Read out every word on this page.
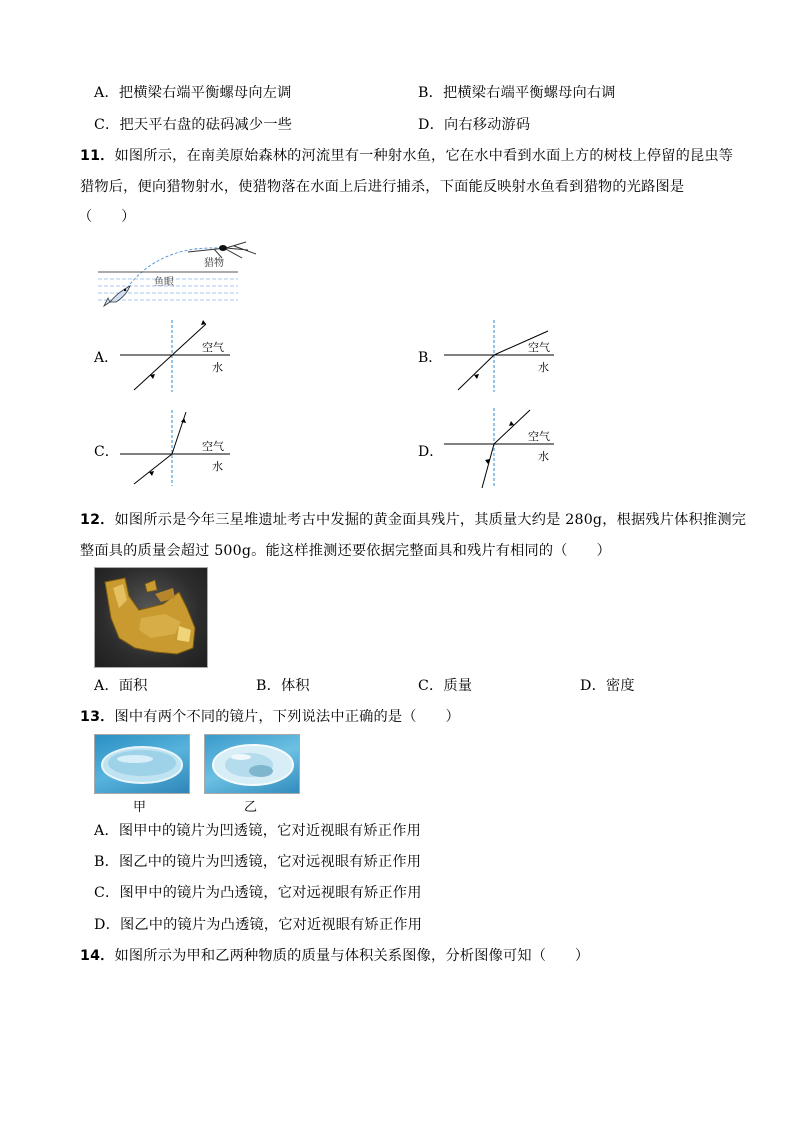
A．把横梁右端平衡螺母向左调	B．把横梁右端平衡螺母向右调
C．把天平右盘的砝码减少一些	D．向右移动游码
11．如图所示，在南美原始森林的河流里有一种射水鱼，它在水中看到水面上方的树枝上停留的昆虫等
猎物后，便向猎物射水，使猎物落在水面上后进行捕杀，下面能反映射水鱼看到猎物的光路图是
（　　）
猎物
鱼眼
A．
空气
水
B．
空气
水
C．	空气
水
D．
空气
水
12．如图所示是今年三星堆遗址考古中发掘的黄金面具残片，其质量大约是 280g，根据残片体积推测完
整面具的质量会超过 500g。能这样推测还要依据完整面具和残片有相同的（　　）
A．面积	B．体积	C．质量	D．密度
13．图中有两个不同的镜片，下列说法中正确的是（　　）
甲	乙
A．图甲中的镜片为凹透镜，它对近视眼有矫正作用
B．图乙中的镜片为凹透镜，它对远视眼有矫正作用
C．图甲中的镜片为凸透镜，它对远视眼有矫正作用
D．图乙中的镜片为凸透镜，它对近视眼有矫正作用
14．如图所示为甲和乙两种物质的质量与体积关系图像，分析图像可知（　　）
